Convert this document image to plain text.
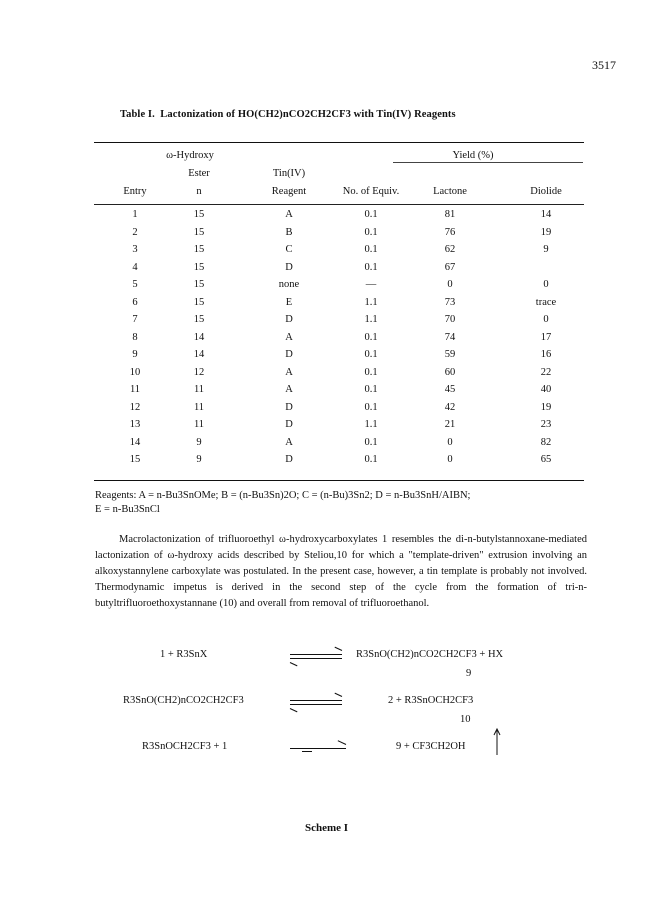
3517
Table I. Lactonization of HO(CH2)nCO2CH2CF3 with Tin(IV) Reagents
ω-Hydroxy	Yield (%)
Ester	Tin(IV)
Entry	n	Reagent	No. of Equiv.	Lactone	Diolide
1	15	A	0.1	81	14
2	15	B	0.1	76	19
3	15	C	0.1	62	9
4	15	D	0.1	67
5	15	none	—	0	0
6	15	E	1.1	73	trace
7	15	D	1.1	70	0
8	14	A	0.1	74	17
9	14	D	0.1	59	16
10	12	A	0.1	60	22
11	11	A	0.1	45	40
12	11	D	0.1	42	19
13	11	D	1.1	21	23
14	9	A	0.1	0	82
15	9	D	0.1	0	65
Reagents: A = n-Bu3SnOMe; B = (n-Bu3Sn)2O; C = (n-Bu)3Sn2; D = n-Bu3SnH/AIBN;
E = n-Bu3SnCl
Macrolactonization of trifluoroethyl ω-hydroxycarboxylates 1 resembles the di-n-butylstannoxane-mediated lactonization of ω-hydroxy acids described by Steliou,10 for which a "template-driven" extrusion involving an alkoxystannylene carboxylate was postulated. In the present case, however, a tin template is probably not involved. Thermodynamic impetus is derived in the second step of the cycle from the formation of tri-n-butyltrifluoroethoxystannane (10) and overall from removal of trifluoroethanol.
1 + R3SnX	⇌ R3SnO(CH2)nCO2CH2CF3 + HX
9
R3SnO(CH2)nCO2CH2CF3	2 + R3SnOCH2CF3
10
R3SnOCH2CF3 + 1	9 + CF3CH2OH
Scheme I
